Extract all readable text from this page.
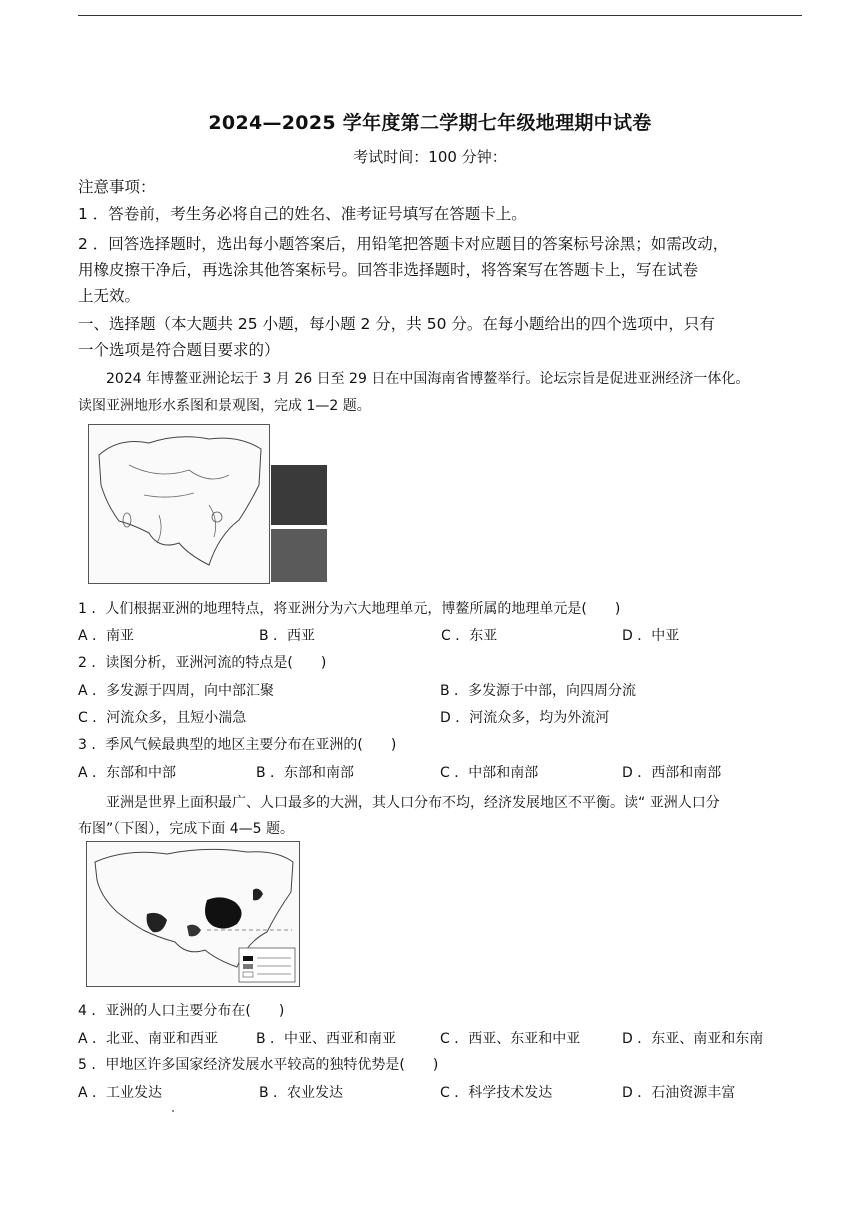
2024—2025 学年度第二学期七年级地理期中试卷
考试时间：100 分钟：
注意事项：
1 ．答卷前，考生务必将自己的姓名、准考证号填写在答题卡上。
2 ．回答选择题时，选出每小题答案后，用铅笔把答题卡对应题目的答案标号涂黑；如需改动，
用橡皮擦干净后，再选涂其他答案标号。回答非选择题时，将答案写在答题卡上，写在试卷
上无效。
一、选择题（本大题共 25 小题，每小题 2 分，共 50 分。在每小题给出的四个选项中，只有
一个选项是符合题目要求的）
2024 年博鳌亚洲论坛于 3 月 26 日至 29 日在中国海南省博鳌举行。论坛宗旨是促进亚洲经济一体化。
读图亚洲地形水系图和景观图，完成 1—2 题。
1 ．人们根据亚洲的地理特点，将亚洲分为六大地理单元，博鳌所属的地理单元是(　　)
A ．南亚	B ．西亚	C ．东亚	D ．中亚
2 ．读图分析，亚洲河流的特点是(　　)
A ．多发源于四周，向中部汇聚	B ．多发源于中部，向四周分流
C ．河流众多，且短小湍急	D ．河流众多，均为外流河
3 ．季风气候最典型的地区主要分布在亚洲的(　　)
A ．东部和中部	B ．东部和南部	C ．中部和南部	D ．西部和南部
亚洲是世界上面积最广、人口最多的大洲，其人口分布不均，经济发展地区不平衡。读“ 亚洲人口分
布图”（下图），完成下面 4—5 题。
4 ．亚洲的人口主要分布在(　　)
A ．北亚、南亚和西亚	B ．中亚、西亚和南亚	C ．西亚、东亚和中亚	D ．东亚、南亚和东南
5 ．甲地区许多国家经济发展水平较高的独特优势是(　　)
A ．工业发达	B ．农业发达	C ．科学技术发达	D ．石油资源丰富
